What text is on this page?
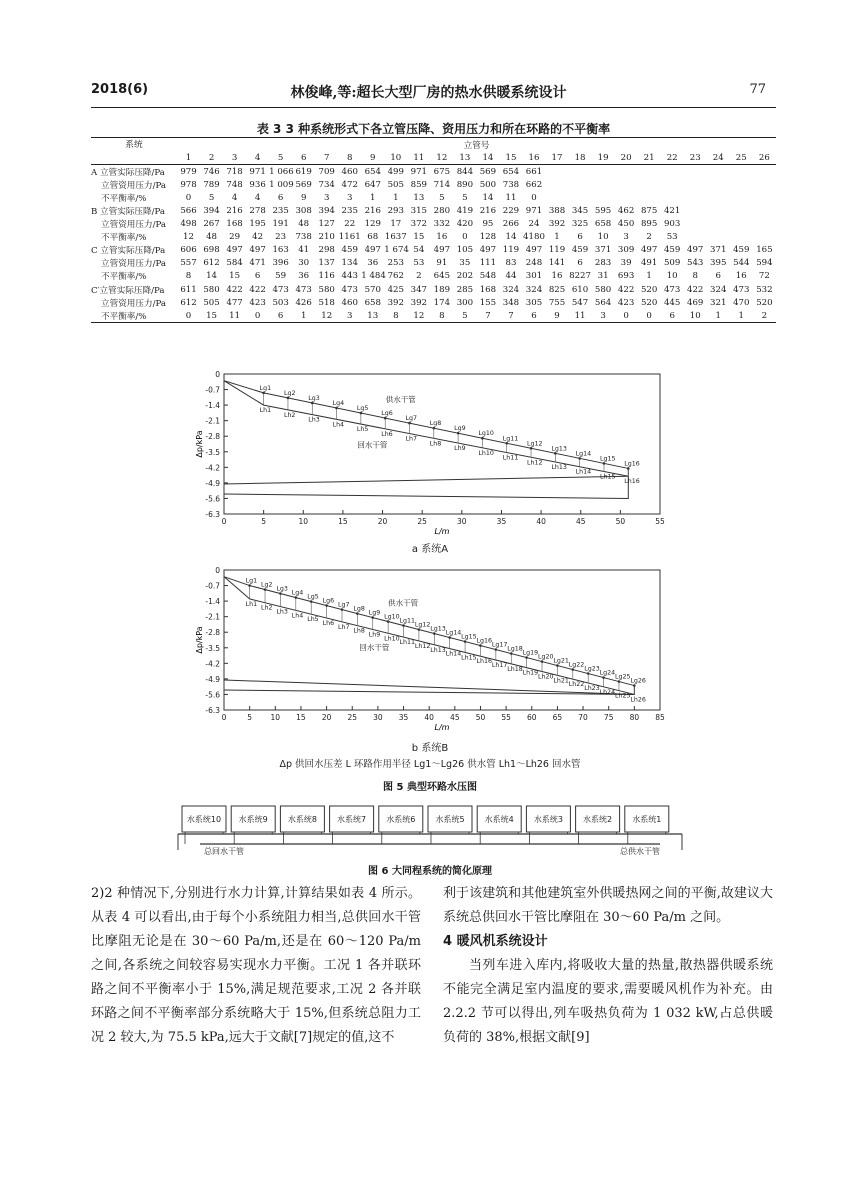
2018(6)	林俊峰,等:超长大型厂房的热水供暖系统设计	77
表 3 3 种系统形式下各立管压降、资用压力和所在环路的不平衡率
系统	立管号																									
	1	2	3	4	5	6	7	8	9	10	11	12	13	14	15	16	17	18	19	20	21	22	23	24	25	26
A 立管实际压降/Pa	979	746	718	971	1 066	619	709	460	654	499	971	675	844	569	654	661										
立管资用压力/Pa	978	789	748	936	1 009	569	734	472	647	505	859	714	890	500	738	662										
不平衡率/%	0	5	4	4	6	9	3	3	1	1	13	5	5	14	11	0										
B 立管实际压降/Pa	566	394	216	278	235	308	394	235	216	293	315	280	419	216	229	971	388	345	595	462	875	421				
立管资用压力/Pa	498	267	168	195	191	48	127	22	129	17	372	332	420	95	266	24	392	325	658	450	895	903				
不平衡率/%	12	48	29	42	23	738	210	1161	68	1637	15	16	0	128	14	4180	1	6	10	3	2	53				
C 立管实际压降/Pa	606	698	497	497	163	41	298	459	497	1 674	54	497	105	497	119	497	119	459	371	309	497	459	497	371	459	165
立管资用压力/Pa	557	612	584	471	396	30	137	134	36	253	53	91	35	111	83	248	141	6	283	39	491	509	543	395	544	594
不平衡率/%	8	14	15	6	59	36	116	443	1 484	762	2	645	202	548	44	301	16	8227	31	693	1	10	8	6	16	72
C′立管实际压降/Pa	611	580	422	422	473	473	580	473	570	425	347	189	285	168	324	324	825	610	580	422	520	473	422	324	473	532
立管资用压力/Pa	612	505	477	423	503	426	518	460	658	392	392	174	300	155	348	305	755	547	564	423	520	445	469	321	470	520
不平衡率/%	0	15	11	0	6	1	12	3	13	8	12	8	5	7	7	6	9	11	3	0	0	6	10	1	1	2
0
-0.7
-1.4
-2.1
-2.8
-3.5
-4.2
-4.9
-5.6
-6.3
0	5	10	15	20	25	30	35	40	45	50	55
L/m
Δp/kPa
Lg1
Lh1
Lg2
Lh2
Lg3
Lh3
Lg4
Lh4
Lg5
Lh5
Lg6
Lh6
Lg7
Lh7
Lg8
Lh8
Lg9
Lh9
Lg10
Lh10
Lg11
Lh11
Lg12
Lh12
Lg13
Lh13
Lg14
Lh14
Lg15
Lh15
Lg16
Lh16
供水干管
回水干管
a 系统A
0
-0.7
-1.4
-2.1
-2.8
-3.5
-4.2
-4.9
-5.6
-6.3
0	5 10 15 20 25 30 35 40 45 50 55 60 65 70 75 80 85
L/m
Δp/kPa
Lg1
Lh1
Lg2
Lh2
Lg3
Lh3
Lg4
Lh4
Lg5
Lh5
Lg6
Lh6
Lg7
Lh7
Lg8
Lh8
Lg9
Lh9
Lg10
Lh10
Lg11
Lh11
Lg12
Lh12
Lg13
Lh13
Lg14
Lh14
Lg15
Lh15
Lg16
Lh16
Lg17
Lh17
Lg18
Lh18
Lg19
Lh19
Lg20
Lh20
Lg21
Lh21
Lg22
Lh22
Lg23
Lh23
Lg24
Lh24
Lg25
Lh25
Lg26
Lh26
供水干管
回水干管
b 系统B
Δp 供回水压差 L 环路作用半径 Lg1～Lg26 供水管 Lh1～Lh26 回水管
图 5 典型环路水压图
水系统10 水系统9	水系统8	水系统7	水系统6	水系统5	水系统4	水系统3	水系统2	水系统1
总回水干管	总供水干管
图 6 大同程系统的简化原理

2)2 种情况下,分别进行水力计算,计算结果如表 4 所示。从表 4 可以看出,由于每个小系统阻力相当,总供回水干管比摩阻无论是在 30～60 Pa/m,还是在 60～120 Pa/m 之间,各系统之间较容易实现水力平衡。工况 1 各并联环路之间不平衡率小于 15%,满足规范要求,工况 2 各并联环路之间不平衡率部分系统略大于 15%,但系统总阻力工况 2 较大,为 75.5 kPa,远大于文献[7]规定的值,这不

利于该建筑和其他建筑室外供暖热网之间的平衡,故建议大系统总供回水干管比摩阻在 30～60 Pa/m 之间。

4 暖风机系统设计

当列车进入库内,将吸收大量的热量,散热器供暖系统不能完全满足室内温度的要求,需要暖风机作为补充。由 2.2.2 节可以得出,列车吸热负荷为 1 032 kW,占总供暖负荷的 38%,根据文献[9]
